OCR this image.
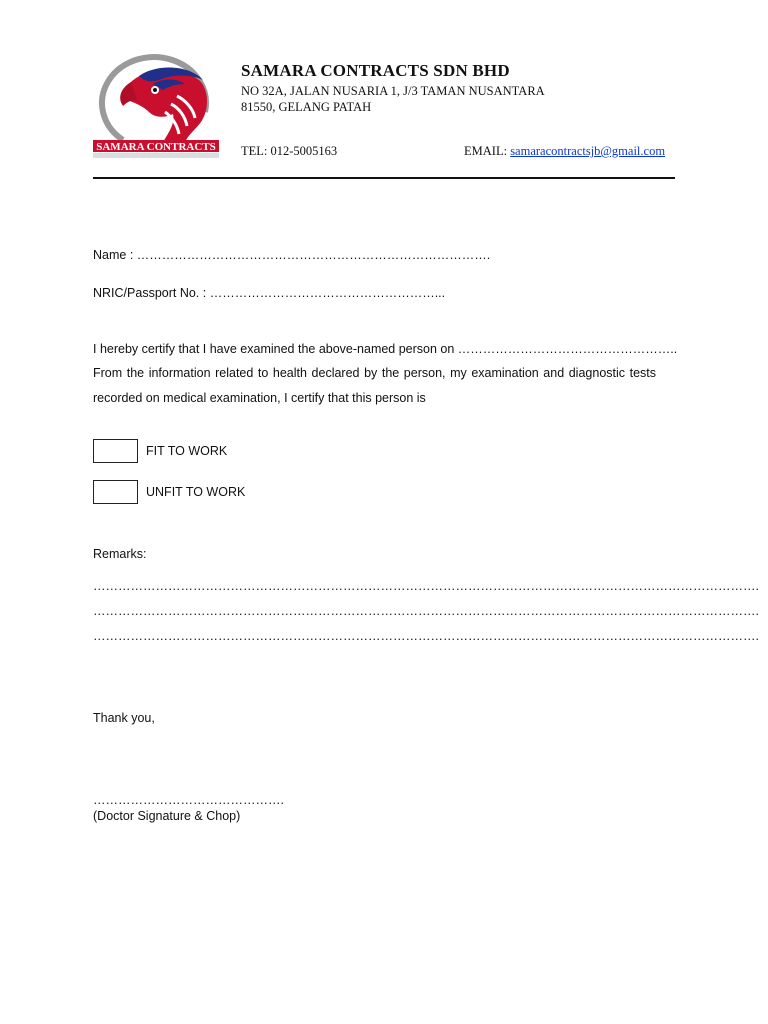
SAMARA CONTRACTS
SAMARA CONTRACTS SDN BHD
NO 32A, JALAN NUSARIA 1, J/3 TAMAN NUSANTARA
81550, GELANG PATAH
TEL: 012-5005163	EMAIL: samaracontractsjb@gmail.com
Name : ………………………………………………………………………….
NRIC/Passport No. : ………………………………………………...
I hereby certify that I have examined the above-named person on ……………………………………………..
From the information related to health declared by the person, my examination and diagnostic tests recorded on medical examination, I certify that this person is
FIT TO WORK
UNFIT TO WORK
Remarks:
…………………………………………………………………………………………………………………………………………….
…………………………………………………………………………………………………………………………………………….
…………………………………………………………………………………………………………………………………………….
Thank you,
……………………………………….
(Doctor Signature & Chop)
